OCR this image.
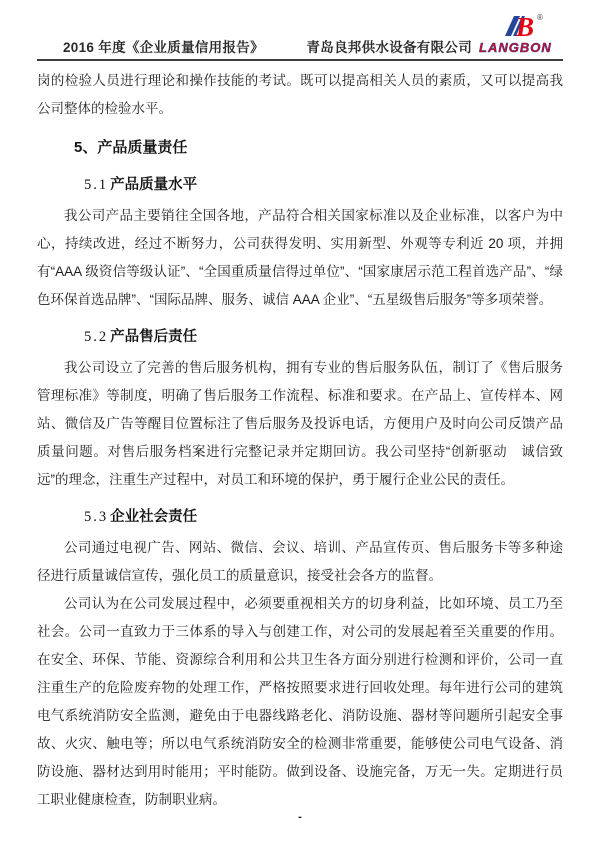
2016 年度《企业质量信用报告》	青岛良邦供水设备有限公司
B ®
LANGBON

岗的检验人员进行理论和操作技能的考试。既可以提高相关人员的素质，又可以提高我公司整体的检验水平。

5、产品质量责任
5.1 产品质量水平

我公司产品主要销往全国各地，产品符合相关国家标准以及企业标准，以客户为中心，持续改进，经过不断努力，公司获得发明、实用新型、外观等专利近 20 项，并拥有“AAA 级资信等级认证”、“全国重质量信得过单位”、“国家康居示范工程首选产品”、“绿色环保首选品牌”、“国际品牌、服务、诚信 AAA 企业”、“五星级售后服务”等多项荣誉。

5.2 产品售后责任

我公司设立了完善的售后服务机构，拥有专业的售后服务队伍，制订了《售后服务管理标准》等制度，明确了售后服务工作流程、标准和要求。在产品上、宣传样本、网站、微信及广告等醒目位置标注了售后服务及投诉电话，方便用户及时向公司反馈产品质量问题。对售后服务档案进行完整记录并定期回访。我公司坚持“创新驱动　诚信致远”的理念，注重生产过程中，对员工和环境的保护，勇于履行企业公民的责任。

5.3 企业社会责任

公司通过电视广告、网站、微信、会议、培训、产品宣传页、售后服务卡等多种途径进行质量诚信宣传，强化员工的质量意识，接受社会各方的监督。

公司认为在公司发展过程中，必须要重视相关方的切身利益，比如环境、员工乃至社会。公司一直致力于三体系的导入与创建工作，对公司的发展起着至关重要的作用。在安全、环保、节能、资源综合利用和公共卫生各方面分别进行检测和评价，公司一直注重生产的危险废弃物的处理工作，严格按照要求进行回收处理。每年进行公司的建筑电气系统消防安全监测，避免由于电器线路老化、消防设施、器材等问题所引起安全事故、火灾、触电等；所以电气系统消防安全的检测非常重要，能够使公司电气设备、消防设施、器材达到用时能用；平时能防。做到设备、设施完备，万无一失。定期进行员工职业健康检查，防制职业病。

-
